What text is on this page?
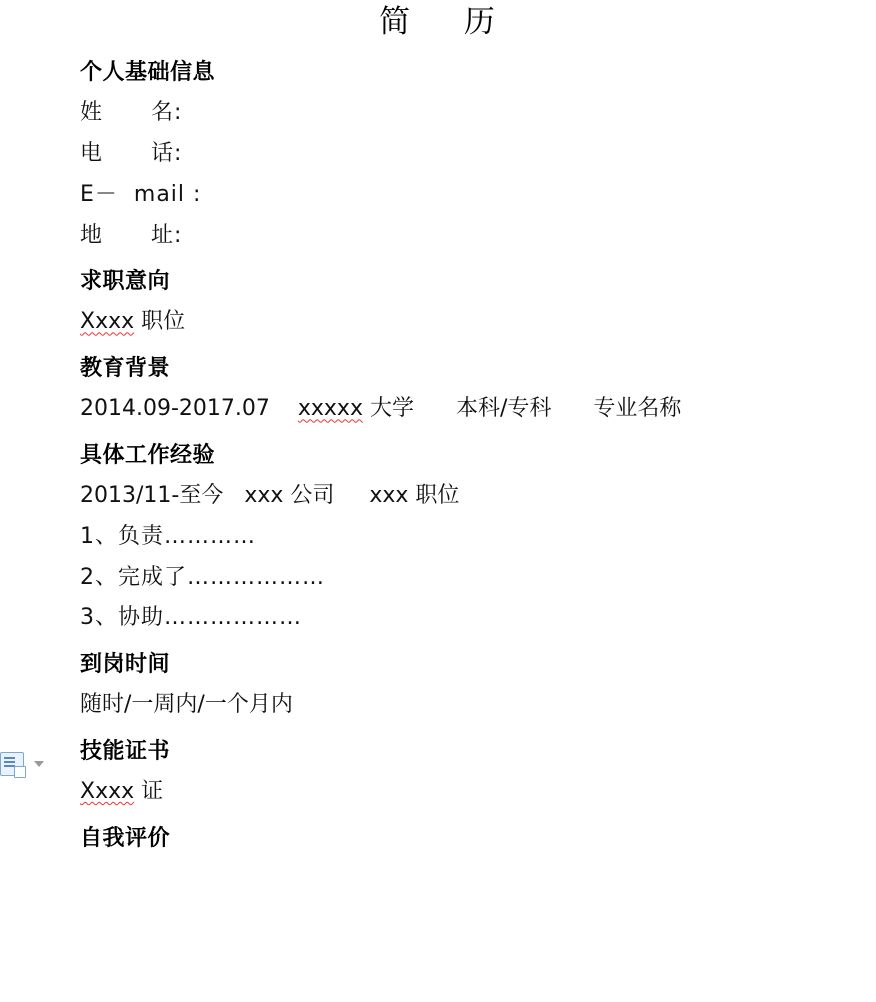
简 历
个人基础信息
姓      名:
电      话:
E－  mail :
地      址:
求职意向
Xxxx 职位
教育背景
2014.09-2017.07 xxxxx 大学 本科/专科 专业名称
具体工作经验
2013/11-至今 xxx 公司 xxx 职位
1、负责…………
2、完成了………………
3、协助………………
到岗时间
随时/一周内/一个月内
技能证书
Xxxx 证
自我评价
